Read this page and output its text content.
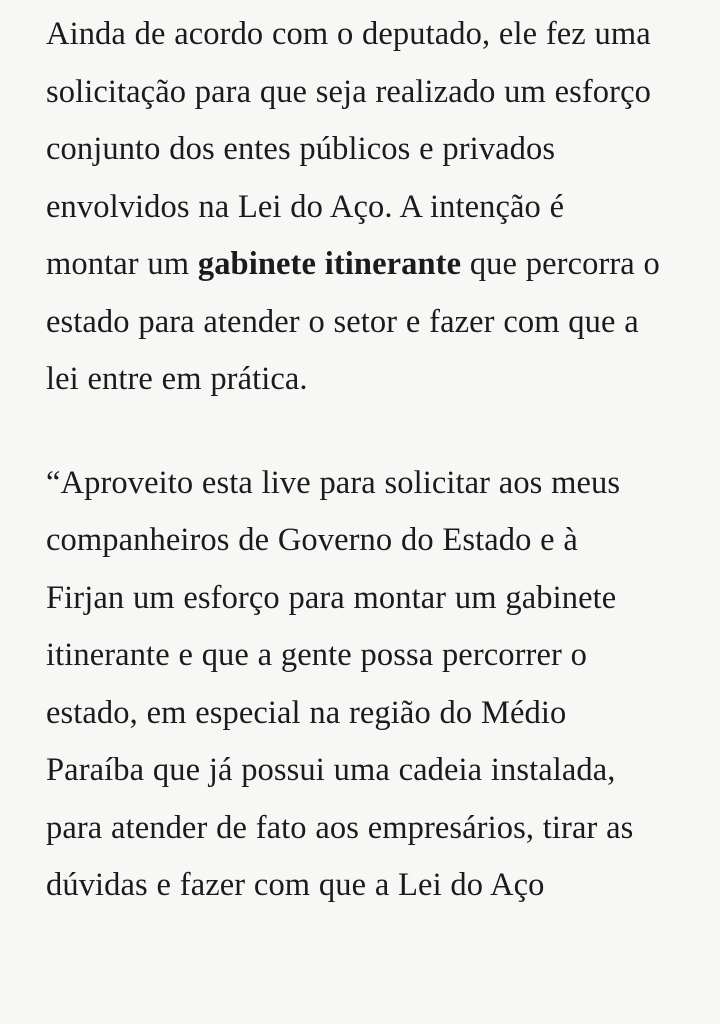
Ainda de acordo com o deputado, ele fez uma solicitação para que seja realizado um esforço conjunto dos entes públicos e privados envolvidos na Lei do Aço. A intenção é montar um gabinete itinerante que percorra o estado para atender o setor e fazer com que a lei entre em prática.

“Aproveito esta live para solicitar aos meus companheiros de Governo do Estado e à Firjan um esforço para montar um gabinete itinerante e que a gente possa percorrer o estado, em especial na região do Médio Paraíba que já possui uma cadeia instalada, para atender de fato aos empresários, tirar as dúvidas e fazer com que a Lei do Aço
